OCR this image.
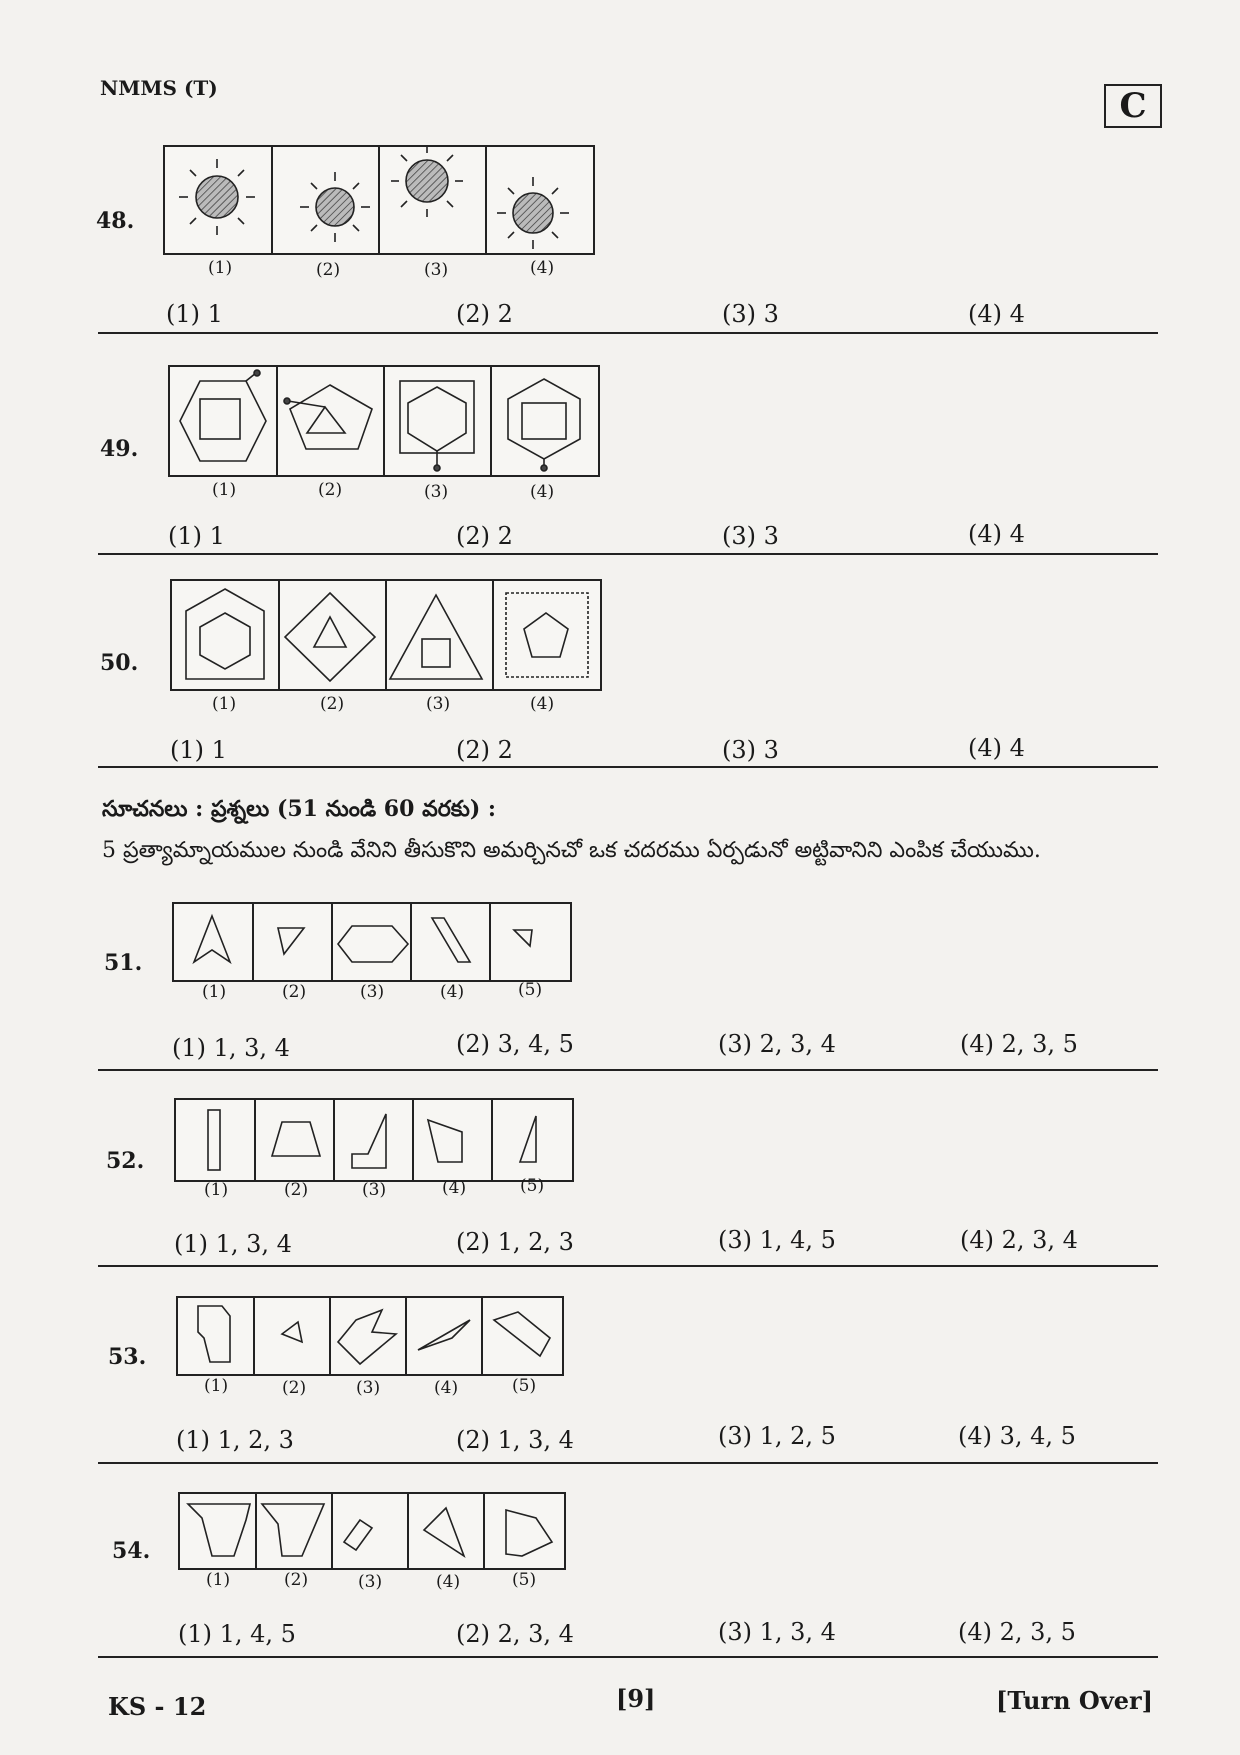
NMMS (T)	C
48.
(1)	(2)	(3)	(4)
(1) 1	(2) 2	(3) 3	(4) 4
49.
(1)	(2)	(3)	(4)
(1) 1	(2) 2	(3) 3	(4) 4
50.
(1)	(2)	(3)	(4)
(1) 1	(2) 2	(3) 3	(4) 4
సూచనలు : ప్రశ్నలు (51 నుండి 60 వరకు) :
5 ప్రత్యామ్నాయముల నుండి వేనిని తీసుకొని అమర్చినచో ఒక చదరము ఏర్పడునో అట్టివానిని ఎంపిక చేయుము.
51.
(1)	(2)	(3)	(4)	(5)
(1) 1, 3, 4	(2) 3, 4, 5	(3) 2, 3, 4	(4) 2, 3, 5
52.
(1)	(2)	(3)	(4)	(5)
(1) 1, 3, 4	(2) 1, 2, 3	(3) 1, 4, 5	(4) 2, 3, 4
53.
(1)	(2)	(3)	(4)	(5)
(1) 1, 2, 3	(2) 1, 3, 4	(3) 1, 2, 5	(4) 3, 4, 5
54.
(1)	(2)	(3)	(4)	(5)
(1) 1, 4, 5	(2) 2, 3, 4	(3) 1, 3, 4	(4) 2, 3, 5
KS - 12	[9]	[Turn Over]
